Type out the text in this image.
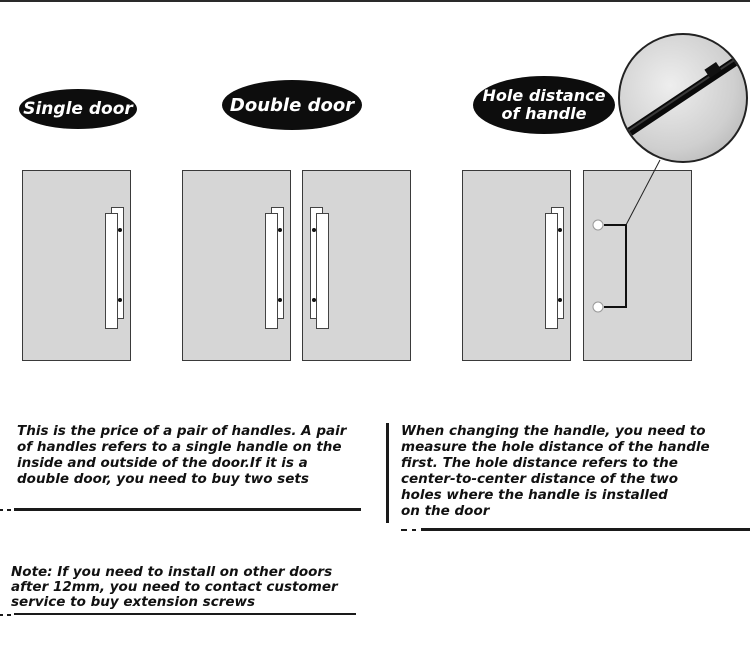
Single door	Double door	Hole distance
of handle
This is the price of a pair of handles. A pair
of handles refers to a single handle on the
inside and outside of the door.If it is a
double door, you need to buy two sets
When changing the handle, you need to
measure the hole distance of the handle
first. The hole distance refers to the
center-to-center distance of the two
holes where the handle is installed
on the door
Note: If you need to install on other doors
after 12mm, you need to contact customer
service to buy extension screws
